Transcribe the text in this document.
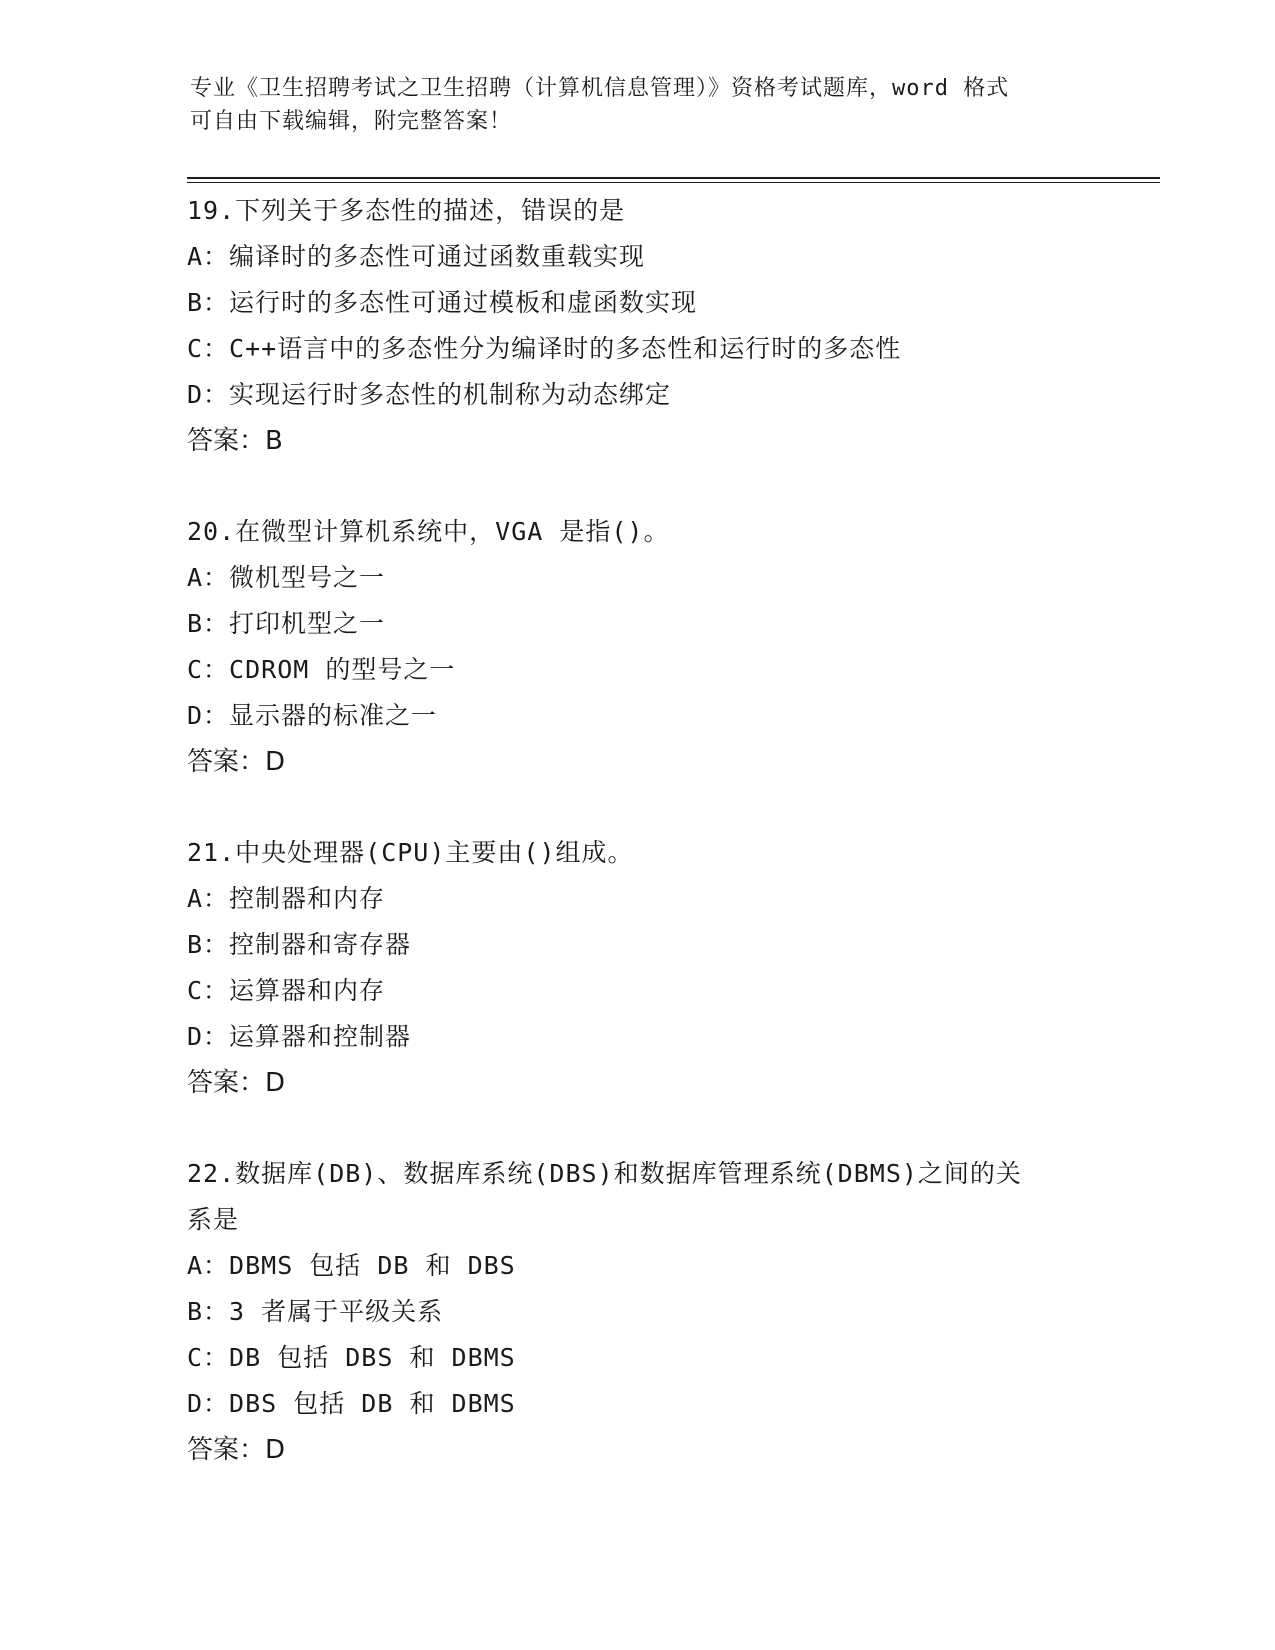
专业《卫生招聘考试之卫生招聘（计算机信息管理）》资格考试题库，word 格式
可自由下载编辑，附完整答案！
19.下列关于多态性的描述，错误的是
A：编译时的多态性可通过函数重载实现
B：运行时的多态性可通过模板和虚函数实现
C：C++语言中的多态性分为编译时的多态性和运行时的多态性
D：实现运行时多态性的机制称为动态绑定
答案：B
20.在微型计算机系统中，VGA 是指()。
A：微机型号之一
B：打印机型之一
C：CDROM 的型号之一
D：显示器的标准之一
答案：D
21.中央处理器(CPU)主要由()组成。
A：控制器和内存
B：控制器和寄存器
C：运算器和内存
D：运算器和控制器
答案：D
22.数据库(DB)、数据库系统(DBS)和数据库管理系统(DBMS)之间的关
系是
A：DBMS 包括 DB 和 DBS
B：3 者属于平级关系
C：DB 包括 DBS 和 DBMS
D：DBS 包括 DB 和 DBMS
答案：D
